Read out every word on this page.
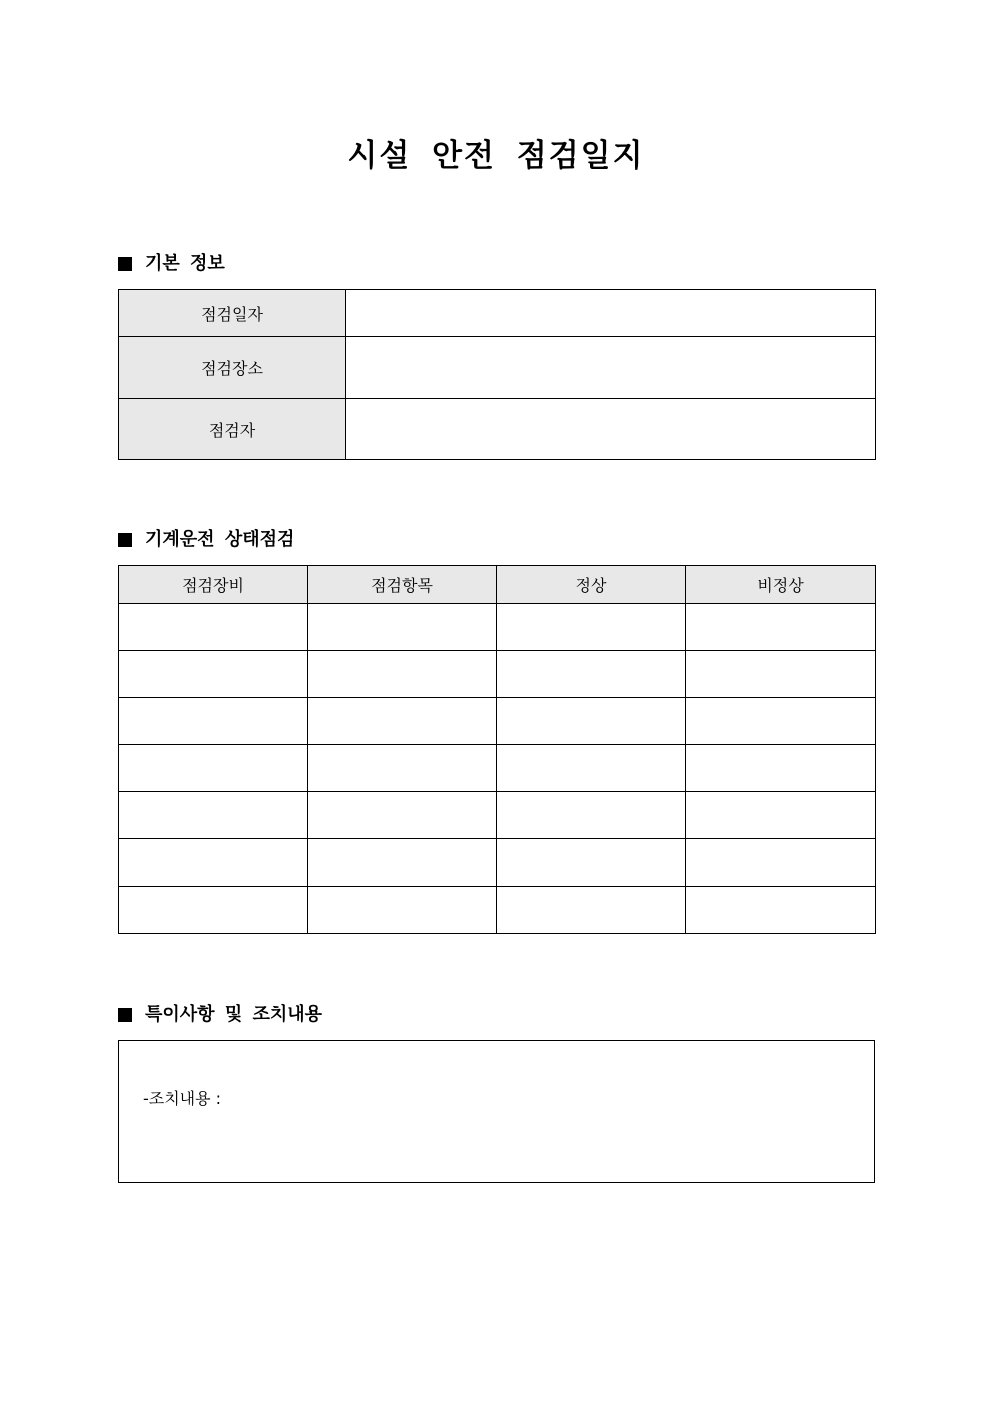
시설 안전 점검일지
기본 정보
점검일자	
점검장소	
점검자	
기계운전 상태점검
점검장비	점검항목	정상	비정상

특이사항 및 조치내용
-조치내용 :
